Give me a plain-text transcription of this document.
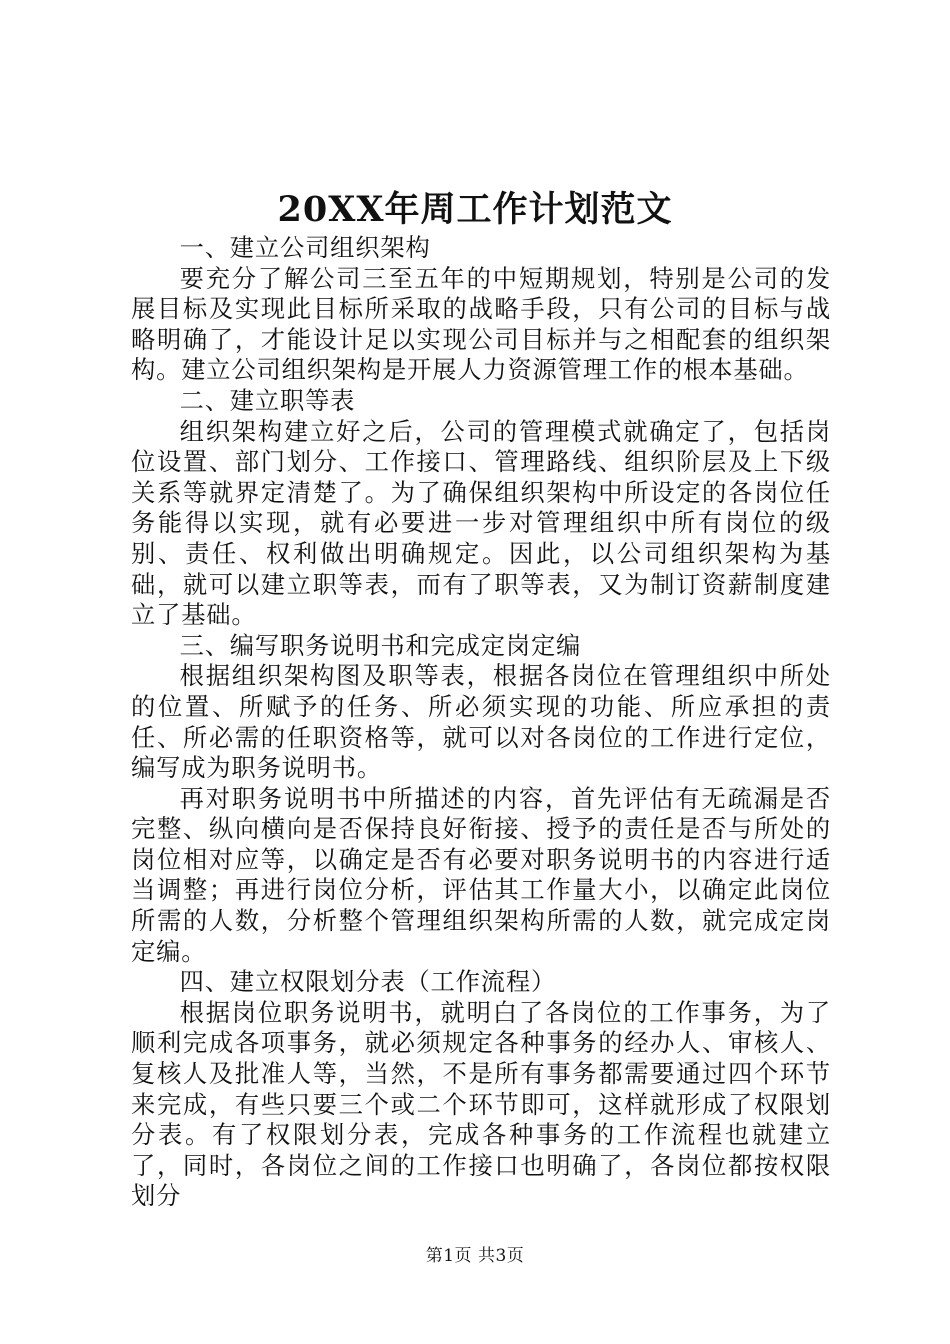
20XX年周工作计划范文

一、建立公司组织架构

要充分了解公司三至五年的中短期规划，特别是公司的发展目标及实现此目标所采取的战略手段，只有公司的目标与战略明确了，才能设计足以实现公司目标并与之相配套的组织架构。建立公司组织架构是开展人力资源管理工作的根本基础。

二、建立职等表

组织架构建立好之后，公司的管理模式就确定了，包括岗位设置、部门划分、工作接口、管理路线、组织阶层及上下级关系等就界定清楚了。为了确保组织架构中所设定的各岗位任务能得以实现，就有必要进一步对管理组织中所有岗位的级别、责任、权利做出明确规定。因此，以公司组织架构为基础，就可以建立职等表，而有了职等表，又为制订资薪制度建立了基础。

三、编写职务说明书和完成定岗定编

根据组织架构图及职等表，根据各岗位在管理组织中所处的位置、所赋予的任务、所必须实现的功能、所应承担的责任、所必需的任职资格等，就可以对各岗位的工作进行定位，编写成为职务说明书。

再对职务说明书中所描述的内容，首先评估有无疏漏是否完整、纵向横向是否保持良好衔接、授予的责任是否与所处的岗位相对应等，以确定是否有必要对职务说明书的内容进行适当调整；再进行岗位分析，评估其工作量大小，以确定此岗位所需的人数，分析整个管理组织架构所需的人数，就完成定岗定编。

四、建立权限划分表（工作流程）

根据岗位职务说明书，就明白了各岗位的工作事务，为了顺利完成各项事务，就必须规定各种事务的经办人、审核人、复核人及批准人等，当然，不是所有事务都需要通过四个环节来完成，有些只要三个或二个环节即可，这样就形成了权限划分表。有了权限划分表，完成各种事务的工作流程也就建立了，同时，各岗位之间的工作接口也明确了，各岗位都按权限划分

第1页 共3页
